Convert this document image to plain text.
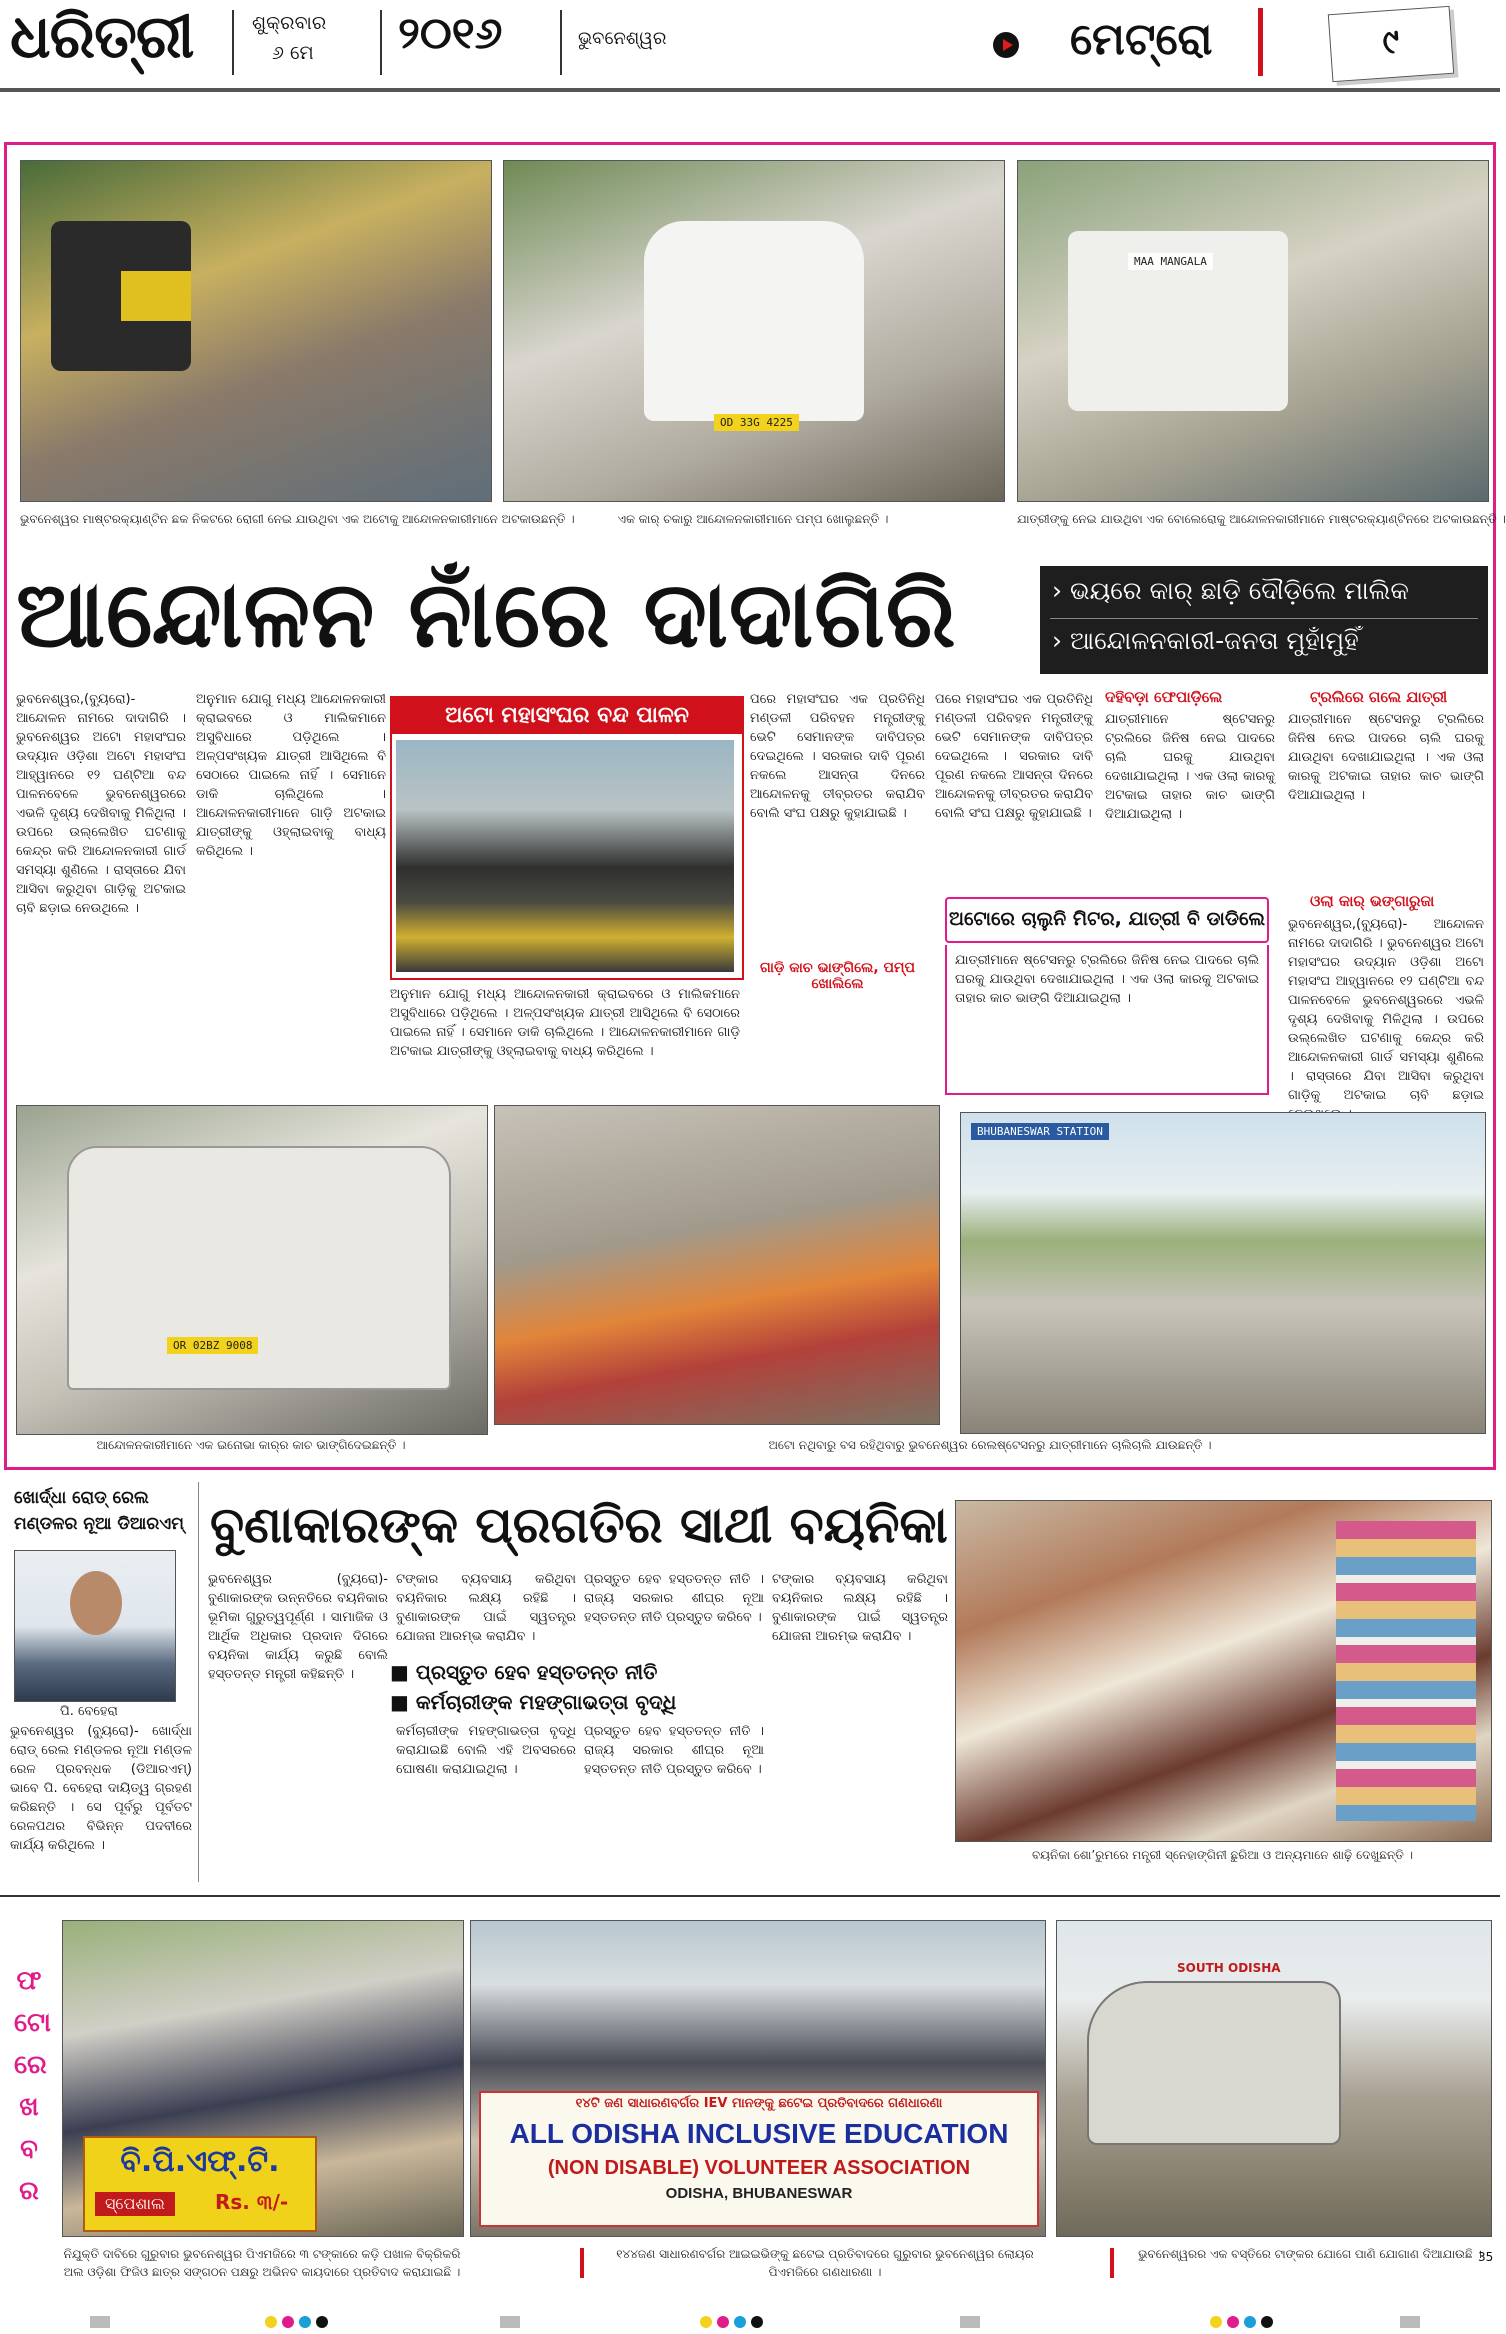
ଧରିତ୍ରୀ	ଶୁକ୍ରବାର
୬ ମେ ୨୦୧୬	ଭୁବନେଶ୍ୱର	ମେଟ୍ରୋ	୯
OD 33G 4225
MAA MANGALA
ଭୁବନେଶ୍ୱର ମାଷ୍ଟରକ୍ୟାଣ୍ଟିନ ଛକ ନିକଟରେ ରୋଗୀ ନେଇ ଯାଉଥିବା ଏକ ଅଟୋକୁ ଆନ୍ଦୋଳନକାରୀମାନେ ଅଟକାଉଛନ୍ତି ।	ଏକ କାର୍ ଚକାରୁ ଆନ୍ଦୋଳନକାରୀମାନେ ପମ୍ପ ଖୋଲୁଛନ୍ତି ।	ଯାତ୍ରୀଙ୍କୁ ନେଇ ଯାଉଥିବା ଏକ ବୋଲେରୋକୁ ଆନ୍ଦୋଳନକାରୀମାନେ ମାଷ୍ଟରକ୍ୟାଣ୍ଟିନରେ ଅଟକାଉଛନ୍ତି ।
ଆନ୍ଦୋଳନ ନାଁରେ ଦାଦାଗିରି	› ଭୟରେ କାର୍ ଛାଡ଼ି ଦୌଡ଼ିଲେ ମାଲିକ
› ଆନ୍ଦୋଳନକାରୀ-ଜନତା ମୁହାଁମୁହିଁ
ଭୁବନେଶ୍ୱର,(ବ୍ୟୁରୋ)- ଆନ୍ଦୋଳନ ନାମରେ ଦାଦାଗିରି । ଭୁବନେଶ୍ୱର ଅଟୋ ମହାସଂଘର ଉଦ୍ୟାନ ଓଡ଼ିଶା ଅଟୋ ମହାସଂଘ ଆହ୍ୱାନରେ ୧୨ ଘଣ୍ଟିଆ ବନ୍ଦ ପାଳନବେଳେ ଭୁବନେଶ୍ୱରରେ ଏଭଳି ଦୃଶ୍ୟ ଦେଖିବାକୁ ମିଳିଥିଲା । ଉପରେ ଉଲ୍ଲେଖିତ ଘଟଣାକୁ କେନ୍ଦ୍ର କରି ଆନ୍ଦୋଳନକାରୀ ଗାର୍ଡ ସମସ୍ୟା ଶୁଣିଲେ । ରାସ୍ତାରେ ଯିବା ଆସିବା କରୁଥିବା ଗାଡ଼ିକୁ ଅଟକାଇ ଚାବି ଛଡ଼ାଇ ନେଉଥିଲେ ।
ଅନୁମାନ ଯୋଗୁ ମଧ୍ୟ ଆନ୍ଦୋଳନକାରୀ କ୍ରାଇବରେ ଓ ମାଲିକମାନେ ଅସୁବିଧାରେ ପଡ଼ିଥିଲେ । ଅଳ୍ପସଂଖ୍ୟକ ଯାତ୍ରୀ ଆସିଥିଲେ ବି ସେଠାରେ ପାଇଲେ ନାହିଁ । ସେମାନେ ଡାକି ଚାଲିଥିଲେ । ଆନ୍ଦୋଳନକାରୀମାନେ ଗାଡ଼ି ଅଟକାଇ ଯାତ୍ରୀଙ୍କୁ ଓହ୍ଲାଇବାକୁ ବାଧ୍ୟ କରିଥିଲେ ।
ଅଟୋ ମହାସଂଘର ବନ୍ଦ ପାଳନ
ଅନୁମାନ ଯୋଗୁ ମଧ୍ୟ ଆନ୍ଦୋଳନକାରୀ କ୍ରାଇବରେ ଓ ମାଲିକମାନେ ଅସୁବିଧାରେ ପଡ଼ିଥିଲେ । ଅଳ୍ପସଂଖ୍ୟକ ଯାତ୍ରୀ ଆସିଥିଲେ ବି ସେଠାରେ ପାଇଲେ ନାହିଁ । ସେମାନେ ଡାକି ଚାଲିଥିଲେ । ଆନ୍ଦୋଳନକାରୀମାନେ ଗାଡ଼ି ଅଟକାଇ ଯାତ୍ରୀଙ୍କୁ ଓହ୍ଲାଇବାକୁ ବାଧ୍ୟ କରିଥିଲେ ।
ପରେ ମହାସଂଘର ଏକ ପ୍ରତିନିଧି ମଣ୍ଡଳୀ ପରିବହନ ମନ୍ତ୍ରୀଙ୍କୁ ଭେଟି ସେମାନଙ୍କ ଦାବିପତ୍ର ଦେଇଥିଲେ । ସରକାର ଦାବି ପୂରଣ ନକଲେ ଆସନ୍ତା ଦିନରେ ଆନ୍ଦୋଳନକୁ ତୀବ୍ରତର କରାଯିବ ବୋଲି ସଂଘ ପକ୍ଷରୁ କୁହାଯାଇଛି ।
ଗାଡ଼ି କାଚ ଭାଙ୍ଗିଲେ, ପମ୍ପ ଖୋଲିଲେ
ପରେ ମହାସଂଘର ଏକ ପ୍ରତିନିଧି ମଣ୍ଡଳୀ ପରିବହନ ମନ୍ତ୍ରୀଙ୍କୁ ଭେଟି ସେମାନଙ୍କ ଦାବିପତ୍ର ଦେଇଥିଲେ । ସରକାର ଦାବି ପୂରଣ ନକଲେ ଆସନ୍ତା ଦିନରେ ଆନ୍ଦୋଳନକୁ ତୀବ୍ରତର କରାଯିବ ବୋଲି ସଂଘ ପକ୍ଷରୁ କୁହାଯାଇଛି ।
ଦହିବଡ଼ା ଫେପାଡ଼ିଲେ
ଯାତ୍ରୀମାନେ ଷ୍ଟେସନରୁ ଟ୍ରଲିରେ ଜିନିଷ ନେଇ ପାଦରେ ଚାଲି ଘରକୁ ଯାଉଥିବା ଦେଖାଯାଇଥିଲା । ଏକ ଓଲା କାରକୁ ଅଟକାଇ ତାହାର କାଚ ଭାଙ୍ଗି ଦିଆଯାଇଥିଲା ।
ଟ୍ରଲିରେ ଗଲେ ଯାତ୍ରୀ
ଯାତ୍ରୀମାନେ ଷ୍ଟେସନରୁ ଟ୍ରଲିରେ ଜିନିଷ ନେଇ ପାଦରେ ଚାଲି ଘରକୁ ଯାଉଥିବା ଦେଖାଯାଇଥିଲା । ଏକ ଓଲା କାରକୁ ଅଟକାଇ ତାହାର କାଚ ଭାଙ୍ଗି ଦିଆଯାଇଥିଲା ।
ଓଲା କାର୍ ଭଙ୍ଗାରୁଜା
ଭୁବନେଶ୍ୱର,(ବ୍ୟୁରୋ)- ଆନ୍ଦୋଳନ ନାମରେ ଦାଦାଗିରି । ଭୁବନେଶ୍ୱର ଅଟୋ ମହାସଂଘର ଉଦ୍ୟାନ ଓଡ଼ିଶା ଅଟୋ ମହାସଂଘ ଆହ୍ୱାନରେ ୧୨ ଘଣ୍ଟିଆ ବନ୍ଦ ପାଳନବେଳେ ଭୁବନେଶ୍ୱରରେ ଏଭଳି ଦୃଶ୍ୟ ଦେଖିବାକୁ ମିଳିଥିଲା । ଉପରେ ଉଲ୍ଲେଖିତ ଘଟଣାକୁ କେନ୍ଦ୍ର କରି ଆନ୍ଦୋଳନକାରୀ ଗାର୍ଡ ସମସ୍ୟା ଶୁଣିଲେ । ରାସ୍ତାରେ ଯିବା ଆସିବା କରୁଥିବା ଗାଡ଼ିକୁ ଅଟକାଇ ଚାବି ଛଡ଼ାଇ
ଅଟୋରେ ଚାଲୁନି ମିଟର, ଯାତ୍ରୀ ବି ଡାଡିଲେ
ଯାତ୍ରୀମାନେ ଷ୍ଟେସନରୁ ଟ୍ରଲିରେ ଜିନିଷ ନେଇ ପାଦରେ ଚାଲି ଘରକୁ ଯାଉଥିବା ଦେଖାଯାଇଥିଲା । ଏକ ଓଲା କାରକୁ ଅଟକାଇ ତାହାର କାଚ ଭାଙ୍ଗି ଦିଆଯାଇଥିଲା ।
OR 02BZ 9008
BHUBANESWAR STATION
ଆନ୍ଦୋଳନକାରୀମାନେ ଏକ ଇନୋଭା କାର୍‌ର କାଚ ଭାଙ୍ଗିଦେଇଛନ୍ତି ।	ଅଟୋ ନଥିବାରୁ ବସ ରହିଥିବାରୁ ଭୁବନେଶ୍ୱର ରେଲଷ୍ଟେସନରୁ ଯାତ୍ରୀମାନେ ଚାଲିଚାଲି ଯାଉଛନ୍ତି ।
ଖୋର୍ଦ୍ଧା ରୋଡ୍ ରେଲ ମଣ୍ଡଳର ନୂଆ ଡିଆରଏମ୍
ପି. ବେହେରା
ଭୁବନେଶ୍ୱର (ବ୍ୟୁରୋ)- ଖୋର୍ଦ୍ଧା ରୋଡ୍ ରେଲ ମଣ୍ଡଳର ନୂଆ ମଣ୍ଡଳ ରେଳ ପ୍ରବନ୍ଧକ (ଡିଆରଏମ୍) ଭାବେ ପି. ବେହେରା ଦାୟିତ୍ୱ ଗ୍ରହଣ କରିଛନ୍ତି । ସେ ପୂର୍ବରୁ ପୂର୍ବତଟ ରେଳପଥର ବିଭିନ୍ନ ପଦବୀରେ କାର୍ଯ୍ୟ କରିଥିଲେ ।
ବୁଣାକାରଙ୍କ ପ୍ରଗତିର ସାଥୀ ବୟନିକା
ଭୁବନେଶ୍ୱର (ବ୍ୟୁରୋ)- ବୁଣାକାରଙ୍କ ଉନ୍ନତିରେ ବୟନିକାର ଭୂମିକା ଗୁରୁତ୍ୱପୂର୍ଣ୍ଣ । ସାମାଜିକ ଓ ଆର୍ଥିକ ଅଧିକାର ପ୍ରଦାନ ଦିଗରେ ବୟନିକା କାର୍ଯ୍ୟ କରୁଛି ବୋଲି ହସ୍ତତନ୍ତ ମନ୍ତ୍ରୀ କହିଛନ୍ତି ।
ଟଙ୍କାର ବ୍ୟବସାୟ କରିଥିବା ବୟନିକାର ଲକ୍ଷ୍ୟ ରହିଛି । ବୁଣାକାରଙ୍କ ପାଇଁ ସ୍ୱତନ୍ତ୍ର ଯୋଜନା ଆରମ୍ଭ କରାଯିବ ।
ପ୍ରସ୍ତୁତ ହେବ ହସ୍ତତନ୍ତ ନୀତି । ରାଜ୍ୟ ସରକାର ଶୀଘ୍ର ନୂଆ ହସ୍ତତନ୍ତ ନୀତି ପ୍ରସ୍ତୁତ କରିବେ ।
■ ପ୍ରସ୍ତୁତ ହେବ ହସ୍ତତନ୍ତ ନୀତି
■ କର୍ମଚାରୀଙ୍କ ମହଙ୍ଗାଭତ୍ତା ବୃଦ୍ଧି
କର୍ମଚାରୀଙ୍କ ମହଙ୍ଗାଭତ୍ତା ବୃଦ୍ଧି କରାଯାଇଛି ବୋଲି ଏହି ଅବସରରେ ଘୋଷଣା କରାଯାଇଥିଲା ।
ପ୍ରସ୍ତୁତ ହେବ ହସ୍ତତନ୍ତ ନୀତି । ରାଜ୍ୟ ସରକାର ଶୀଘ୍ର ନୂଆ ହସ୍ତତନ୍ତ ନୀତି ପ୍ରସ୍ତୁତ କରିବେ ।
ଟଙ୍କାର ବ୍ୟବସାୟ କରିଥିବା ବୟନିକାର ଲକ୍ଷ୍ୟ ରହିଛି । ବୁଣାକାରଙ୍କ ପାଇଁ ସ୍ୱତନ୍ତ୍ର ଯୋଜନା ଆରମ୍ଭ କରାଯିବ ।
ବୟନିକା ଶୋ’ରୁମରେ ମନ୍ତ୍ରୀ ସ୍ନେହାଙ୍ଗିନୀ ଛୁରିଆ ଓ ଅନ୍ୟମାନେ ଶାଢ଼ି ଦେଖୁଛନ୍ତି ।
ଫ
ଟୋ
ରେ
ଖ
ବ
ର
ବି.ପି.ଏଫ୍.ଟି.
ସ୍ପେଶାଲ	Rs. ୩/-
୧୪ଟି ଜଣ ସାଧାରଣବର୍ଗର IEV ମାନଙ୍କୁ ଛଟେଇ ପ୍ରତିବାଦରେ ଗଣଧାରଣା
ALL ODISHA INCLUSIVE EDUCATION
(NON DISABLE) VOLUNTEER ASSOCIATION
ODISHA, BHUBANESWAR
SOUTH ODISHA
ନିଯୁକ୍ତି ଦାବିରେ ଗୁରୁବାର ଭୁବନେଶ୍ୱର ପିଏମଜିରେ ୩ ଟଙ୍କାରେ କଡ଼ି ପଖାଳ ବିକ୍ରିକରି ଅଲ ଓଡ଼ିଶା ଫିଜିଓ ଛାତ୍ର ସଙ୍ଗଠନ ପକ୍ଷରୁ ଅଭିନବ କାୟଦାରେ ପ୍ରତିବାଦ କରାଯାଇଛି ।
୧୪୪ଜଣ ସାଧାରଣବର୍ଗର ଆଇଇଭିଙ୍କୁ ଛଟେଇ ପ୍ରତିବାଦରେ ଗୁରୁବାର ଭୁବନେଶ୍ୱର ଲୋୟର ପିଏମଜିରେ ଗଣଧାରଣା ।
ଭୁବନେଶ୍ୱରର ଏକ ବସ୍ତିରେ ଟାଙ୍କର ଯୋଗେ ପାଣି ଯୋଗାଣ ଦିଆଯାଉଛି ।
35
